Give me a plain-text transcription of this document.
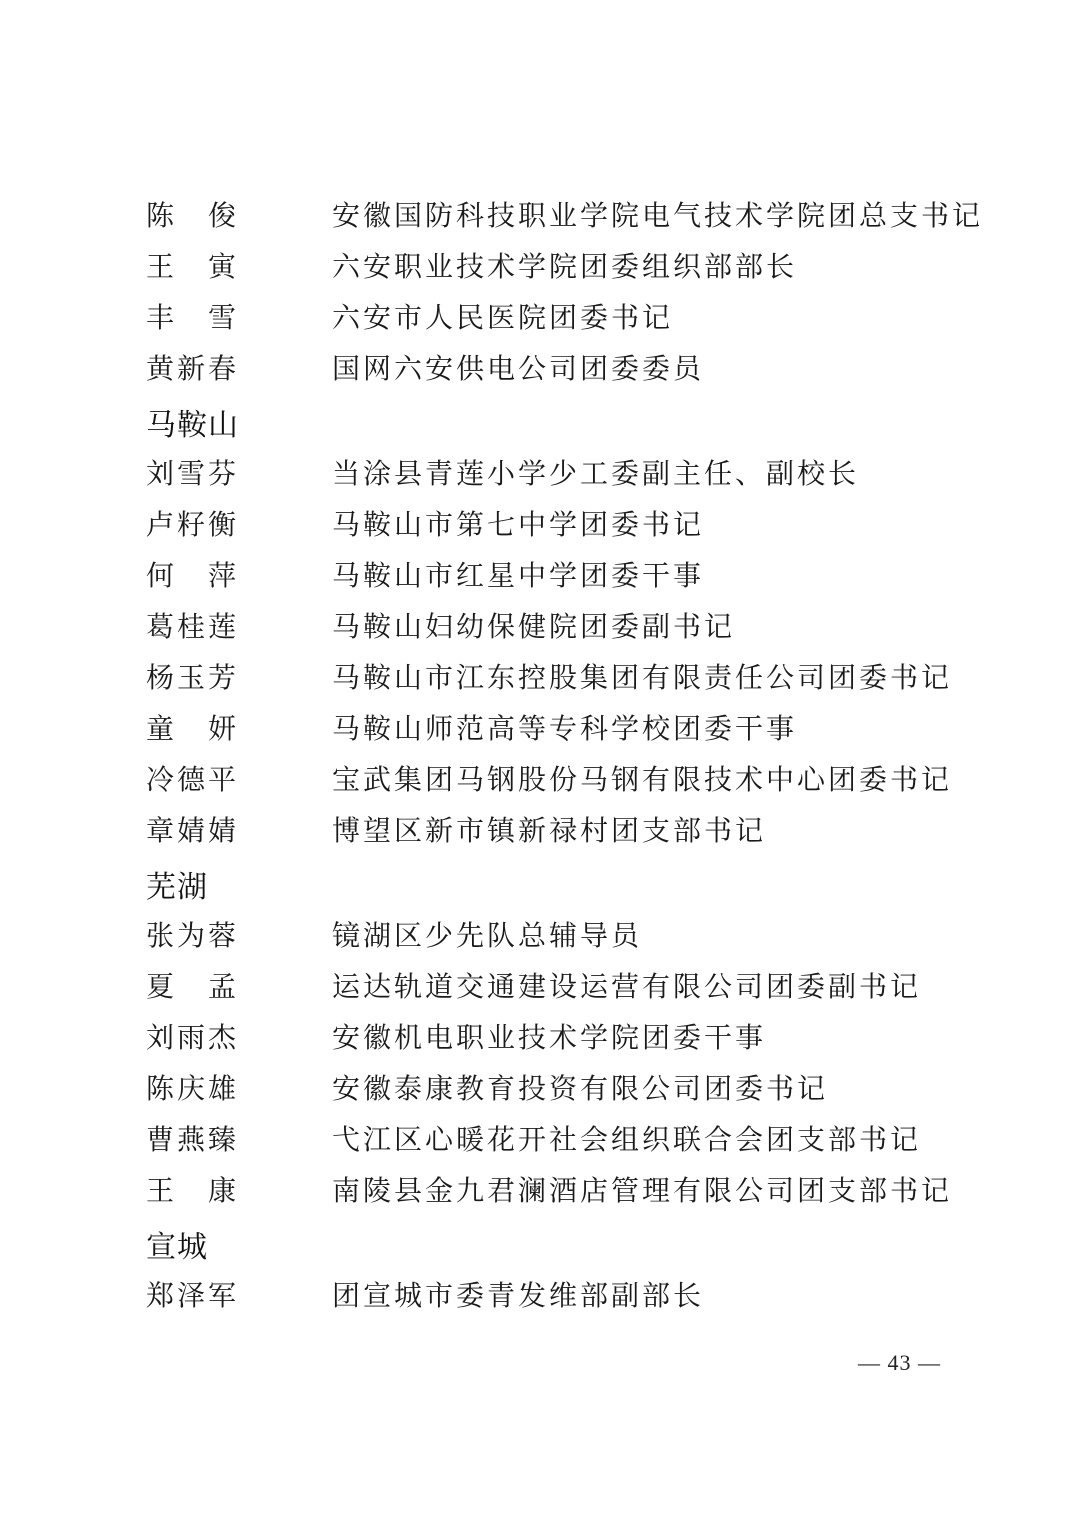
陈　俊	安徽国防科技职业学院电气技术学院团总支书记
王　寅	六安职业技术学院团委组织部部长
丰　雪	六安市人民医院团委书记
黄新春	国网六安供电公司团委委员
马鞍山
刘雪芬	当涂县青莲小学少工委副主任、副校长
卢籽衡	马鞍山市第七中学团委书记
何　萍	马鞍山市红星中学团委干事
葛桂莲	马鞍山妇幼保健院团委副书记
杨玉芳	马鞍山市江东控股集团有限责任公司团委书记
童　妍	马鞍山师范高等专科学校团委干事
冷德平	宝武集团马钢股份马钢有限技术中心团委书记
章婧婧	博望区新市镇新禄村团支部书记
芜湖
张为蓉	镜湖区少先队总辅导员
夏　孟	运达轨道交通建设运营有限公司团委副书记
刘雨杰	安徽机电职业技术学院团委干事
陈庆雄	安徽泰康教育投资有限公司团委书记
曹燕臻	弋江区心暖花开社会组织联合会团支部书记
王　康	南陵县金九君澜酒店管理有限公司团支部书记
宣城
郑泽军	团宣城市委青发维部副部长
— 43 —
